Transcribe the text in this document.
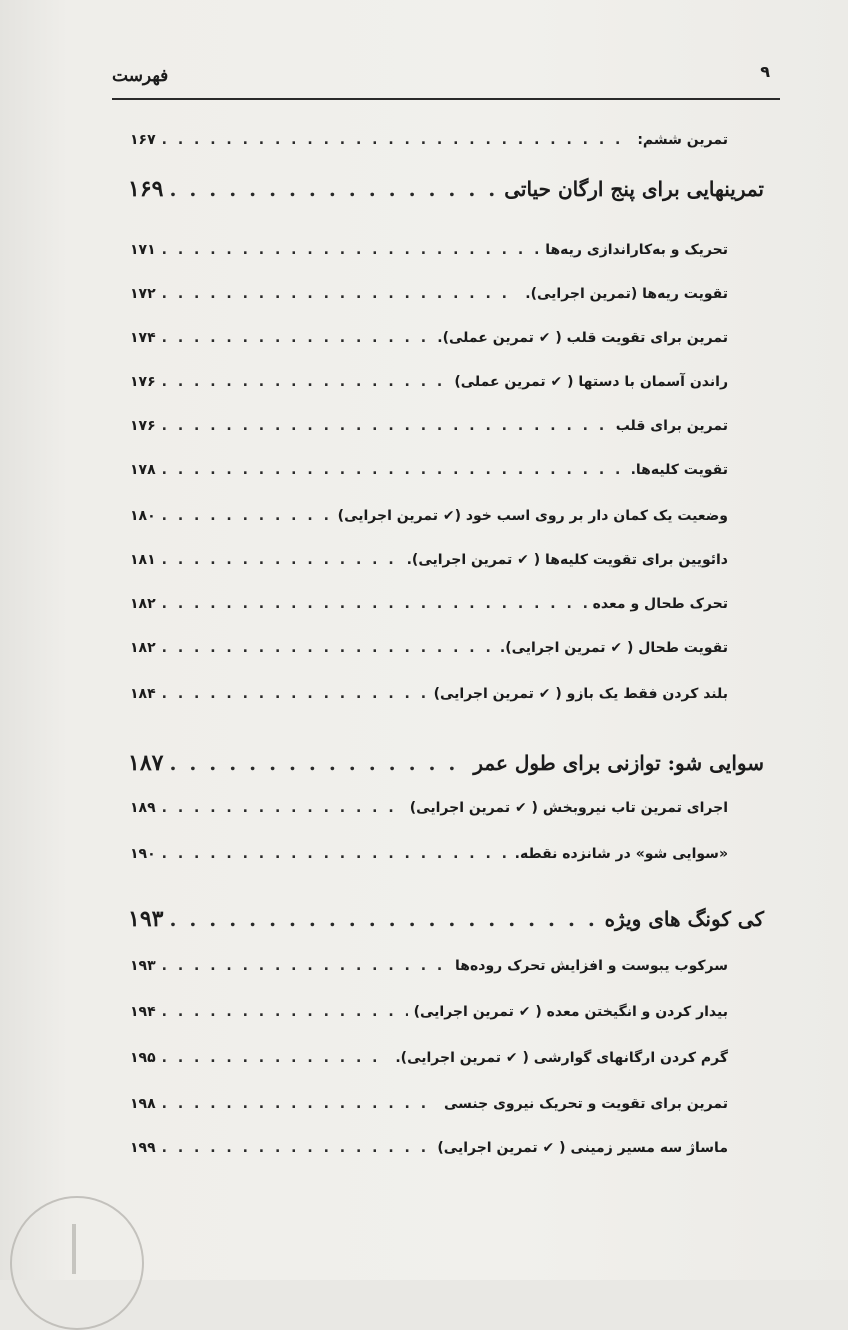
فهرست	۹
تمرین ششم:
. . .
۱۶۷
تمرینهایی برای پنج ارگان حیاتی
. . .
۱۶۹
تحریک و به‌کاراندازی ریه‌ها
. . .
۱۷۱
تقویت ریه‌ها (تمرین اجرایی).
. . .
۱۷۲
تمرین برای تقویت قلب ( ✔ تمرین عملی).
. . .
۱۷۴
راندن آسمان با دستها ( ✔ تمرین عملی)
. . .
۱۷۶
تمرین برای قلب
. . .
۱۷۶
تقویت کلیه‌ها.
. . .
۱۷۸
وضعیت یک کمان دار بر روی اسب خود (✔ تمرین اجرایی)
. . .
۱۸۰
دائویین برای تقویت کلیه‌ها ( ✔ تمرین اجرایی).
. . .
۱۸۱
تحرک طحال و معده
. . .
۱۸۲
تقویت طحال ( ✔ تمرین اجرایی).
. . .
۱۸۲
بلند کردن فقط یک بازو ( ✔ تمرین اجرایی)
. . .
۱۸۴
سوایی شو: توازنی برای طول عمر
. . .
۱۸۷
اجرای تمرین تاب نیروبخش ( ✔ تمرین اجرایی)
. . .
۱۸۹
«سوایی شو» در شانزده نقطه.
. . .
۱۹۰
کی کونگ های ویژه
. . .
۱۹۳
سرکوب یبوست و افزایش تحرک روده‌ها
. . .
۱۹۳
بیدار کردن و انگیختن معده ( ✔ تمرین اجرایی)
. . .
۱۹۴
گرم کردن ارگانهای گوارشی ( ✔ تمرین اجرایی).
. . .
۱۹۵
تمرین برای تقویت و تحریک نیروی جنسی
. . .
۱۹۸
ماساژ سه مسیر زمینی ( ✔ تمرین اجرایی)
. . .
۱۹۹
